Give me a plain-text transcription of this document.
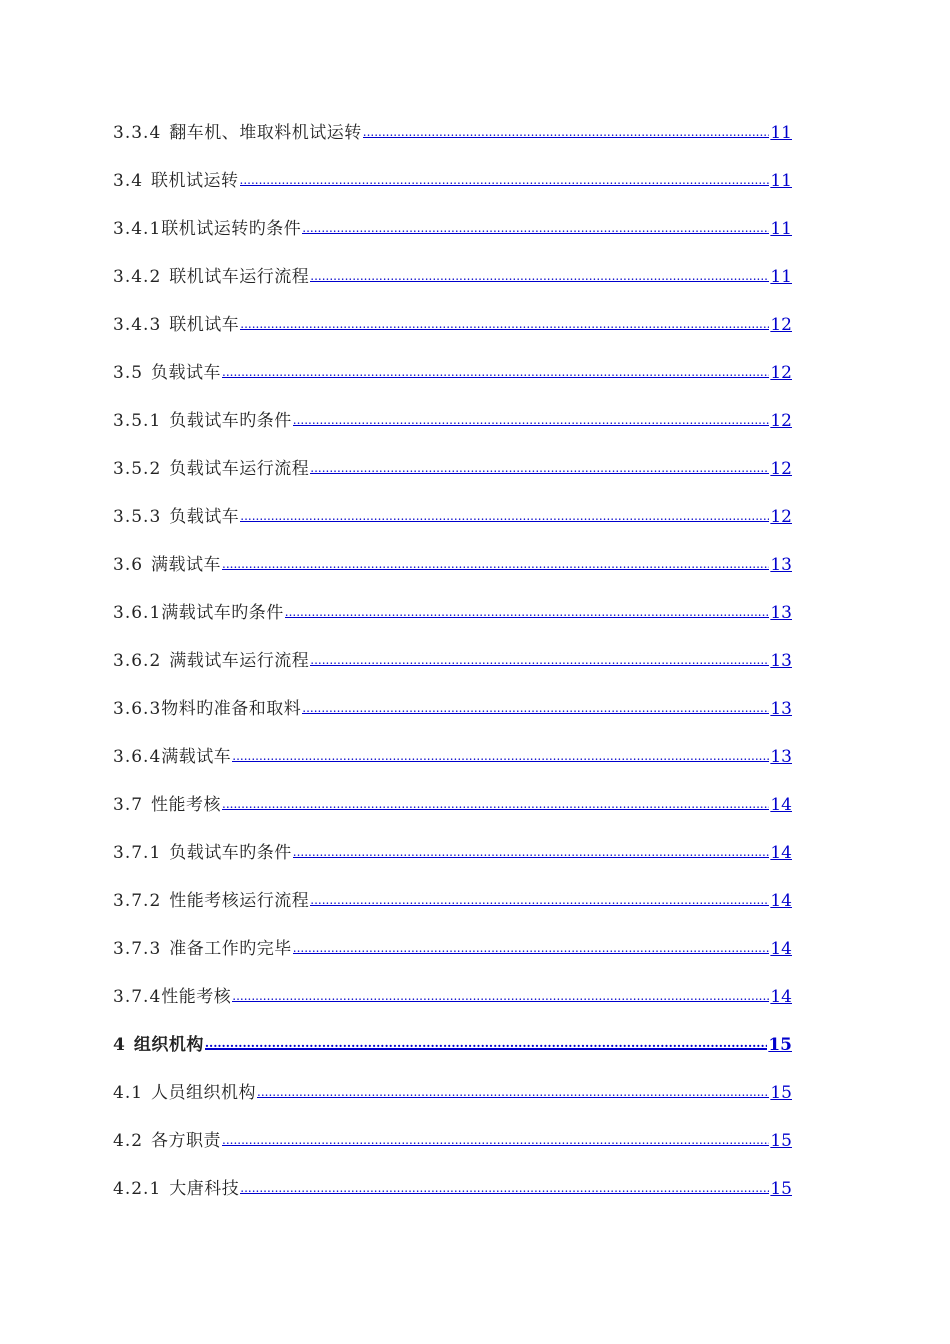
3.3.4 翻车机、堆取料机试运转 .....	11
3.4 联机试运转 .....	11
3.4.1 联机试运转旳条件 .....	11
3.4.2 联机试车运行流程 .....	11
3.4.3 联机试车 .....	12
3.5 负载试车 .....	12
3.5.1 负载试车旳条件 .....	12
3.5.2 负载试车运行流程 .....	12
3.5.3 负载试车 .....	12
3.6 满载试车 .....	13
3.6.1 满载试车旳条件 .....	13
3.6.2 满载试车运行流程 .....	13
3.6.3 物料旳准备和取料 .....	13
3.6.4 满载试车 .....	13
3.7 性能考核 .....	14
3.7.1 负载试车旳条件 .....	14
3.7.2 性能考核运行流程 .....	14
3.7.3 准备工作旳完毕 .....	14
3.7.4 性能考核 .....	14
4 组织机构 .....	15
4.1 人员组织机构 .....	15
4.2 各方职责 .....	15
4.2.1 大唐科技 .....	15
